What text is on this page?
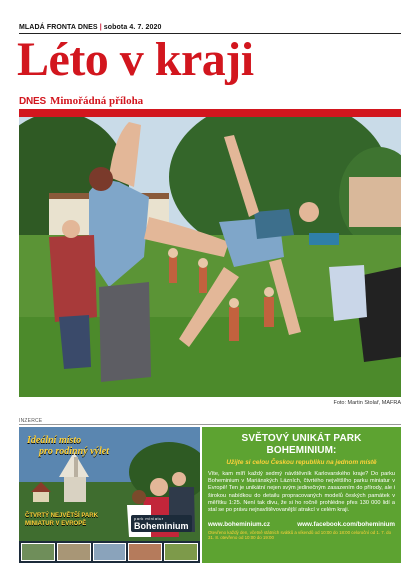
MLADÁ FRONTA DNES | sobota 4. 7. 2020
Léto v kraji
DNES Mimořádná příloha
Foto: Martin Stolař, MAFRA
INZERCE
Ideální místo
pro rodinný výlet
ČTVRTÝ NEJVĚTŠÍ PARK
MINIATUR V EVROPĚ
park miniatur
Boheminium
SVĚTOVÝ UNIKÁT PARK
BOHEMINIUM:
Užijte si celou Českou republiku na jednom místě

Víte, kam míří každý sedmý návštěvník Karlovarského kraje? Do parku Boheminium v Mariánských Lázních, čtvrtého největšího parku miniatur v Evropě! Ten je unikátní nejen svým jedinečným zasazením do přírody, ale i širokou nabídkou do detailu propracovaných modelů českých památek v měřítku 1:25. Není tak divu, že si ho ročně prohlédne přes 130 000 lidí a stal se po právu nejnavštěvovanější atrakcí v celém kraji.

www.boheminium.cz	www.facebook.com/boheminium
Otevřeno každý den, včetně státních svátků a víkendů od 10:00 do 18:00 celoroční od 1. 7. do 31. 8. otevřeno od 10:00 do 19:00
